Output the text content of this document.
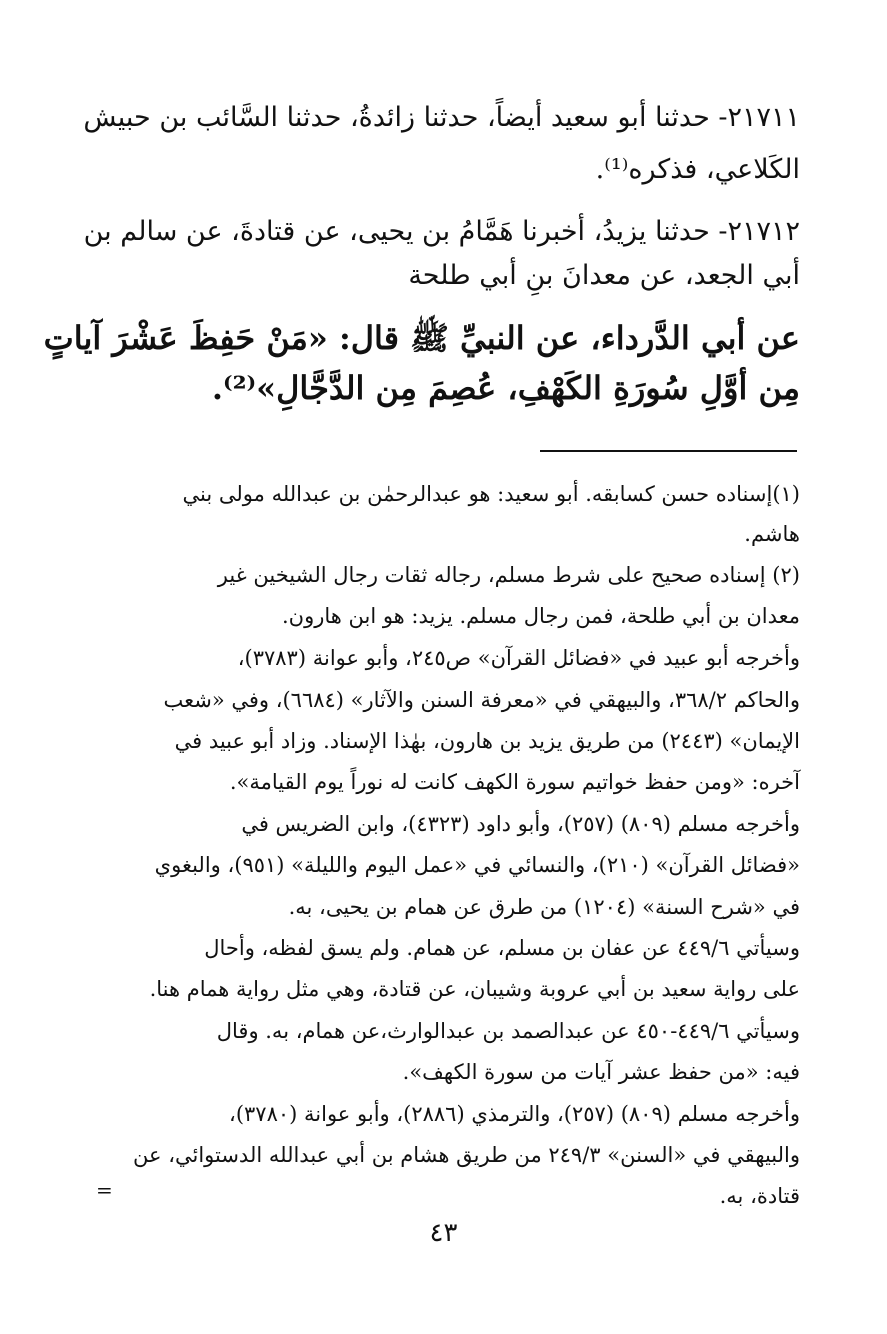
٢١٧١١- حدثنا أبو سعيد أيضاً، حدثنا زائدةُ، حدثنا السَّائب بن حبيش
الكَلاعي، فذكره⁽¹⁾.
٢١٧١٢- حدثنا يزيدُ، أخبرنا هَمَّامُ بن يحيى، عن قتادةَ، عن سالم بن
أبي الجعد، عن معدانَ بنِ أبي طلحة
عن أبي الدَّرداء، عن النبيِّ ﷺ قال: «مَنْ حَفِظَ عَشْرَ آياتٍ
مِن أوَّلِ سُورَةِ الكَهْفِ، عُصِمَ مِن الدَّجَّالِ»⁽²⁾.
(١)إسناده حسن كسابقه. أبو سعيد: هو عبدالرحمٰن بن عبدالله مولى بني
هاشم.
(٢) إسناده صحيح على شرط مسلم، رجاله ثقات رجال الشيخين غير
معدان بن أبي طلحة، فمن رجال مسلم. يزيد: هو ابن هارون.
وأخرجه أبو عبيد في «فضائل القرآن» ص٢٤٥، وأبو عوانة (٣٧٨٣)،
والحاكم ٣٦٨/٢، والبيهقي في «معرفة السنن والآثار» (٦٦٨٤)، وفي «شعب
الإيمان» (٢٤٤٣) من طريق يزيد بن هارون، بهٰذا الإسناد. وزاد أبو عبيد في
آخره: «ومن حفظ خواتيم سورة الكهف كانت له نوراً يوم القيامة».
وأخرجه مسلم (٨٠٩) (٢٥٧)، وأبو داود (٤٣٢٣)، وابن الضريس في
«فضائل القرآن» (٢١٠)، والنسائي في «عمل اليوم والليلة» (٩٥١)، والبغوي
في «شرح السنة» (١٢٠٤) من طرق عن همام بن يحيى، به.
وسيأتي ٤٤٩/٦ عن عفان بن مسلم، عن همام. ولم يسق لفظه، وأحال
على رواية سعيد بن أبي عروبة وشيبان، عن قتادة، وهي مثل رواية همام هنا.
وسيأتي ٤٤٩/٦-٤٥٠ عن عبدالصمد بن عبدالوارث،عن همام، به. وقال
فيه: «من حفظ عشر آيات من سورة الكهف».
وأخرجه مسلم (٨٠٩) (٢٥٧)، والترمذي (٢٨٨٦)، وأبو عوانة (٣٧٨٠)،
والبيهقي في «السنن» ٢٤٩/٣ من طريق هشام بن أبي عبدالله الدستوائي، عن
قتادة، به.
=
٤٣
